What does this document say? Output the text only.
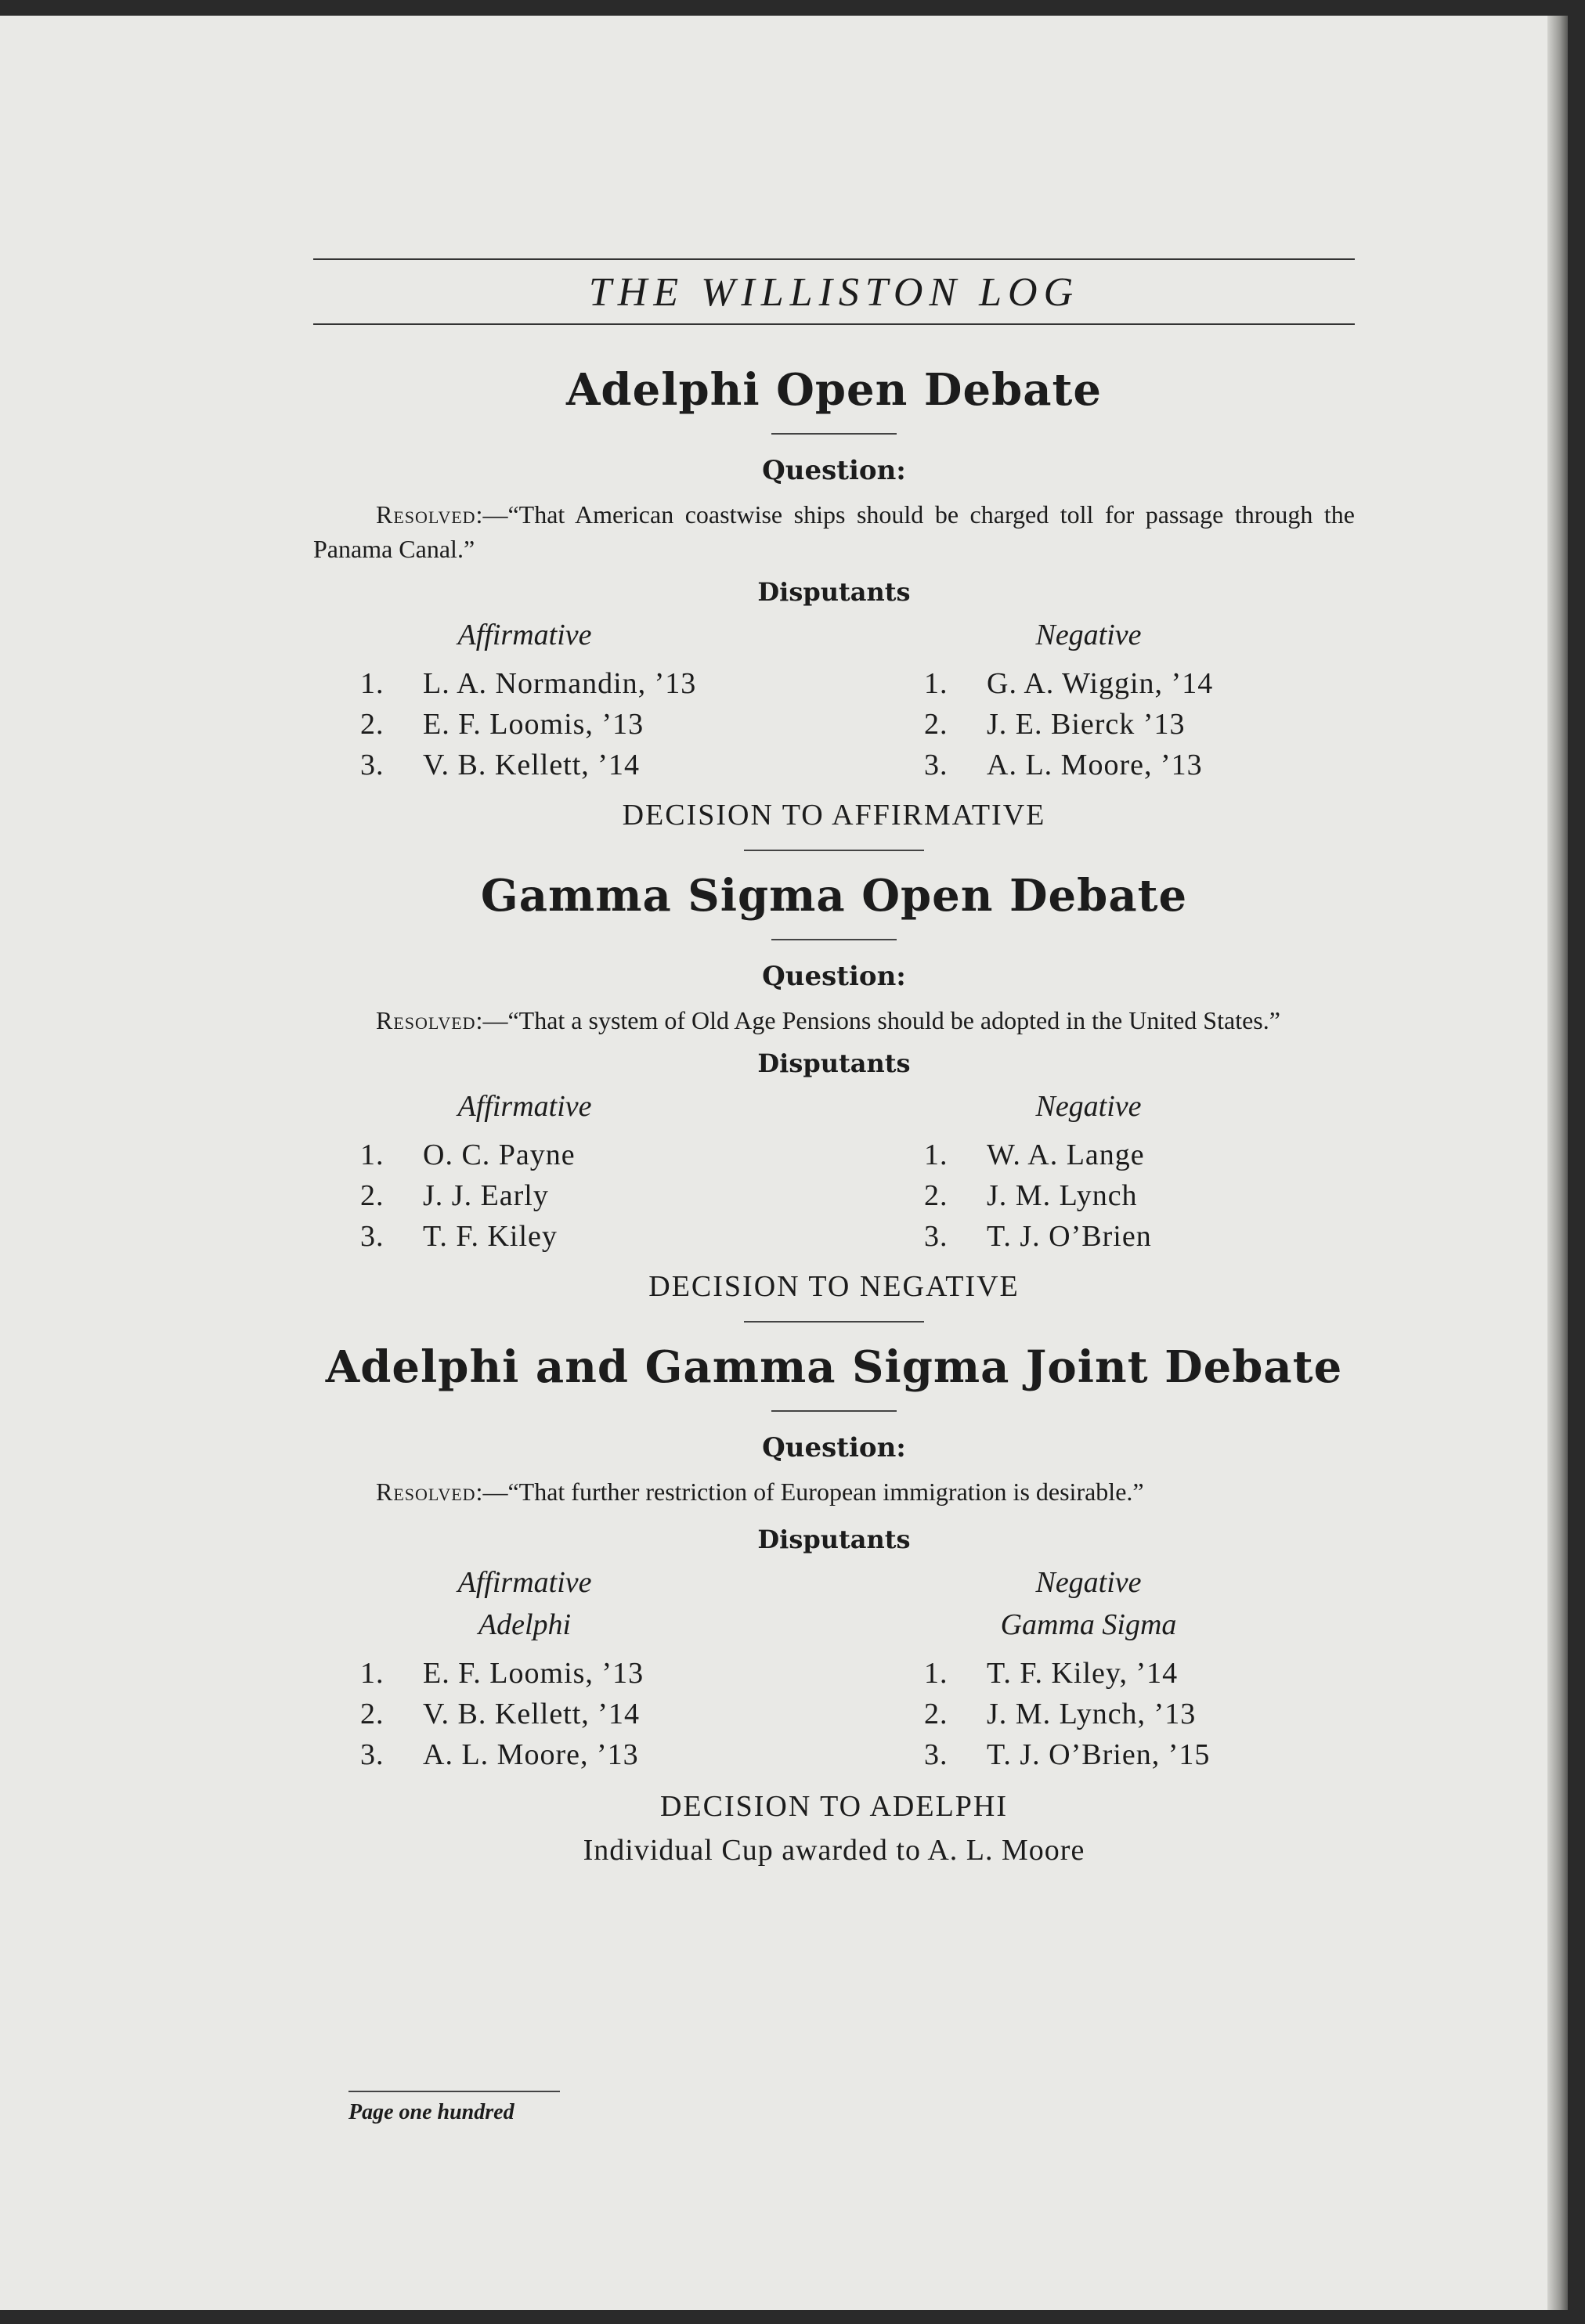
THE WILLISTON LOG
Adelphi Open Debate
Question:
Resolved:—“That American coastwise ships should be charged toll for passage through the Panama Canal.”
Disputants
Affirmative
1. L. A. Normandin, ’13
2. E. F. Loomis, ’13
3. V. B. Kellett, ’14
Negative
1. G. A. Wiggin, ’14
2. J. E. Bierck ’13
3. A. L. Moore, ’13
DECISION TO AFFIRMATIVE
Gamma Sigma Open Debate
Question:
Resolved:—“That a system of Old Age Pensions should be adopted in the United States.”
Disputants
Affirmative
1. O. C. Payne
2. J. J. Early
3. T. F. Kiley
Negative
1. W. A. Lange
2. J. M. Lynch
3. T. J. O’Brien
DECISION TO NEGATIVE
Adelphi and Gamma Sigma Joint Debate
Question:
Resolved:—“That further restriction of European immigration is desirable.”
Disputants
Affirmative
Adelphi
1. E. F. Loomis, ’13
2. V. B. Kellett, ’14
3. A. L. Moore, ’13
Negative
Gamma Sigma
1. T. F. Kiley, ’14
2. J. M. Lynch, ’13
3. T. J. O’Brien, ’15
DECISION TO ADELPHI
Individual Cup awarded to A. L. Moore
Page one hundred
